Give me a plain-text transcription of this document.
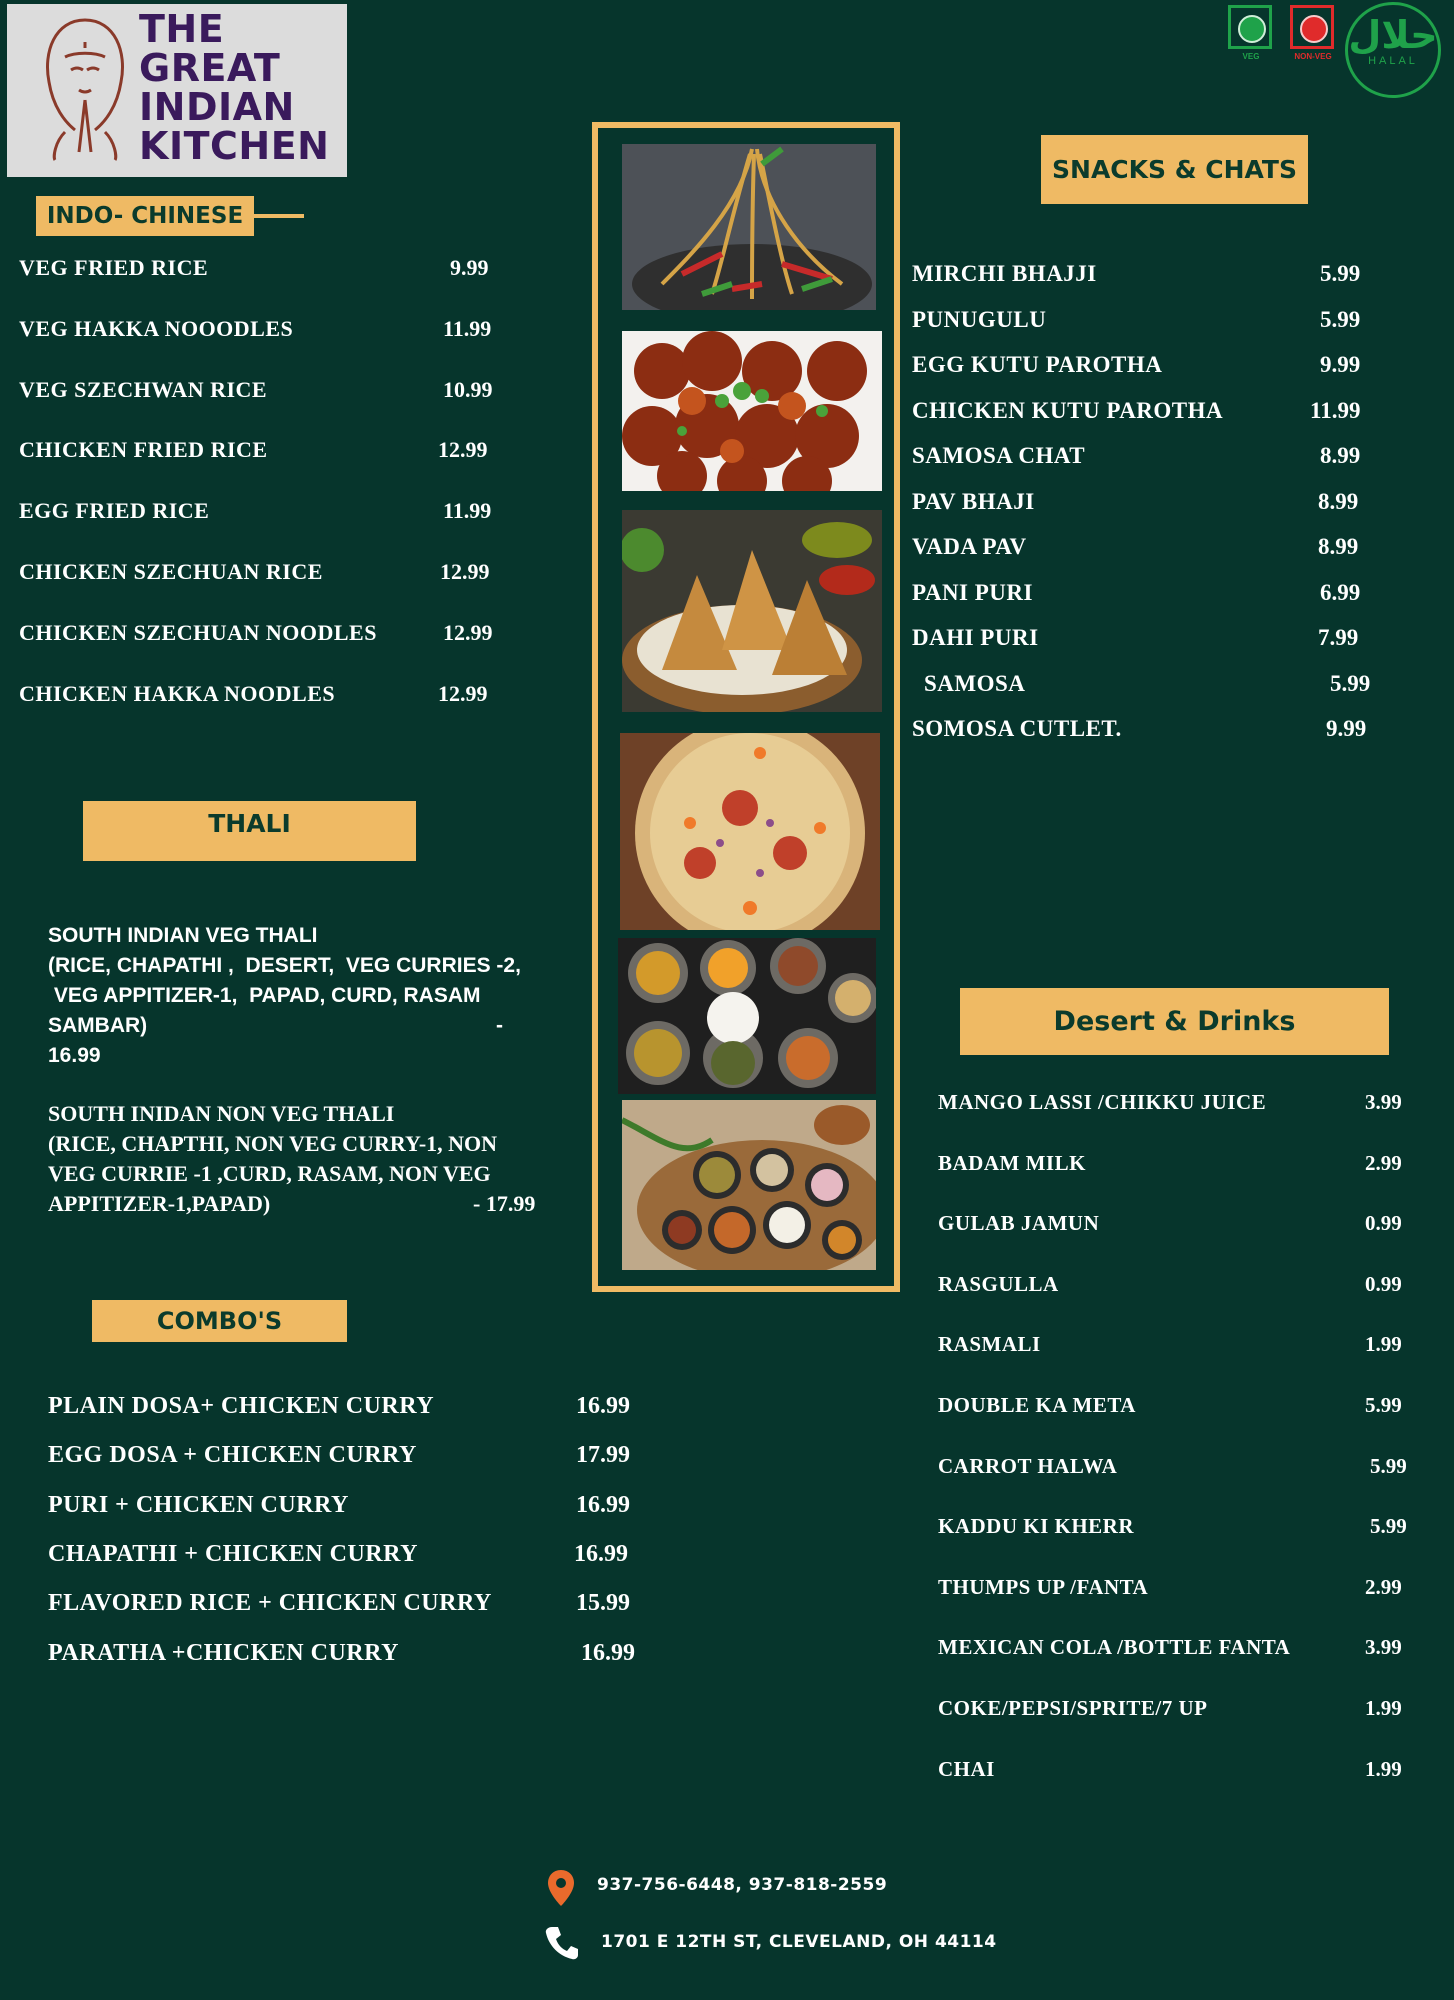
THE
GREAT
INDIAN
KITCHEN
VEG	NON-VEG حلال
HALAL
INDO- CHINESE
VEG FRIED RICE	9.99
VEG HAKKA NOOODLES	11.99
VEG SZECHWAN RICE	10.99
CHICKEN FRIED RICE	12.99
EGG FRIED RICE	11.99
CHICKEN SZECHUAN RICE	12.99
CHICKEN SZECHUAN NOODLES	12.99
CHICKEN HAKKA NOODLES	12.99
THALI
SOUTH INDIAN VEG THALI
(RICE, CHAPATHI ,  DESERT,  VEG CURRIES -2,
VEG APPITIZER-1,  PAPAD, CURD, RASAM
SAMBAR)	-
16.99
SOUTH INIDAN NON VEG THALI
(RICE, CHAPTHI, NON VEG CURRY-1, NON
VEG CURRIE -1 ,CURD, RASAM, NON VEG
APPITIZER-1,PAPAD)	- 17.99
COMBO'S
PLAIN DOSA+ CHICKEN CURRY	16.99
EGG DOSA + CHICKEN CURRY	17.99
PURI + CHICKEN CURRY	16.99
CHAPATHI + CHICKEN CURRY	16.99
FLAVORED RICE + CHICKEN CURRY	15.99
PARATHA +CHICKEN CURRY	16.99
SNACKS & CHATS
MIRCHI BHAJJI	5.99
PUNUGULU	5.99
EGG KUTU PAROTHA	9.99
CHICKEN KUTU PAROTHA	11.99
SAMOSA CHAT	8.99
PAV BHAJI	8.99
VADA PAV	8.99
PANI PURI	6.99
DAHI PURI	7.99
SAMOSA	5.99
SOMOSA CUTLET.	9.99
Desert & Drinks
MANGO LASSI /CHIKKU JUICE	3.99
BADAM MILK	2.99
GULAB JAMUN	0.99
RASGULLA	0.99
RASMALI	1.99
DOUBLE KA META	5.99
CARROT HALWA	5.99
KADDU KI KHERR	5.99
THUMPS UP /FANTA	2.99
MEXICAN COLA /BOTTLE FANTA	3.99
COKE/PEPSI/SPRITE/7 UP	1.99
CHAI	1.99
937-756-6448, 937-818-2559
1701 E 12TH ST, CLEVELAND, OH 44114
